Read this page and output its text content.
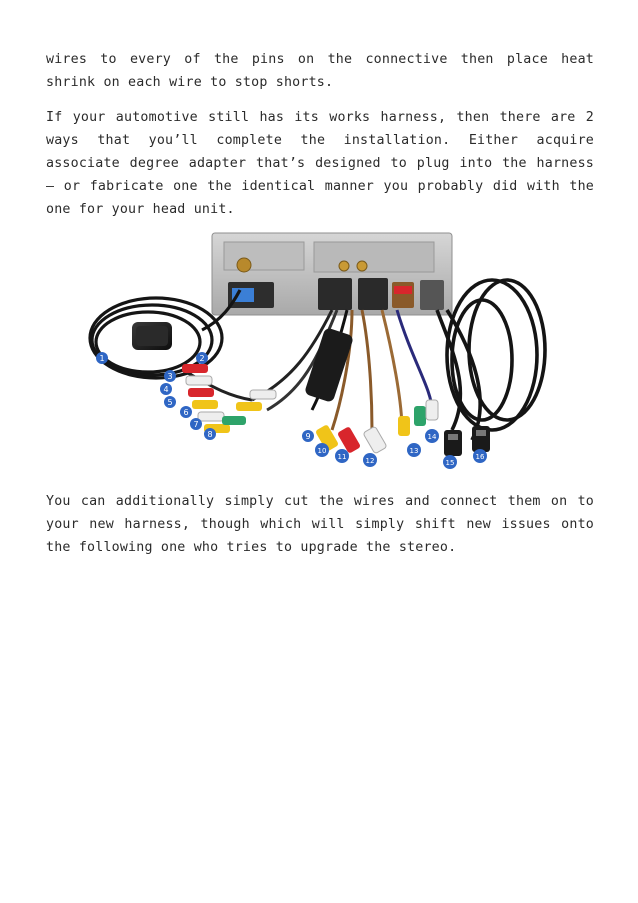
wires to every of the pins on the connective then place heat shrink on each wire to stop shorts.

If your automotive still has its works harness, then there are 2 ways that you’ll complete the installation. Either acquire associate degree adapter that’s designed to plug into the harness – or fabricate one the identical manner you probably did with the one for your head unit.

1	2
3
4
5
6
7
8	9
10
11	12
13
14
15
16

You can additionally simply cut the wires and connect them on to your new harness, though which will simply shift new issues onto the following one who tries to upgrade the stereo.
